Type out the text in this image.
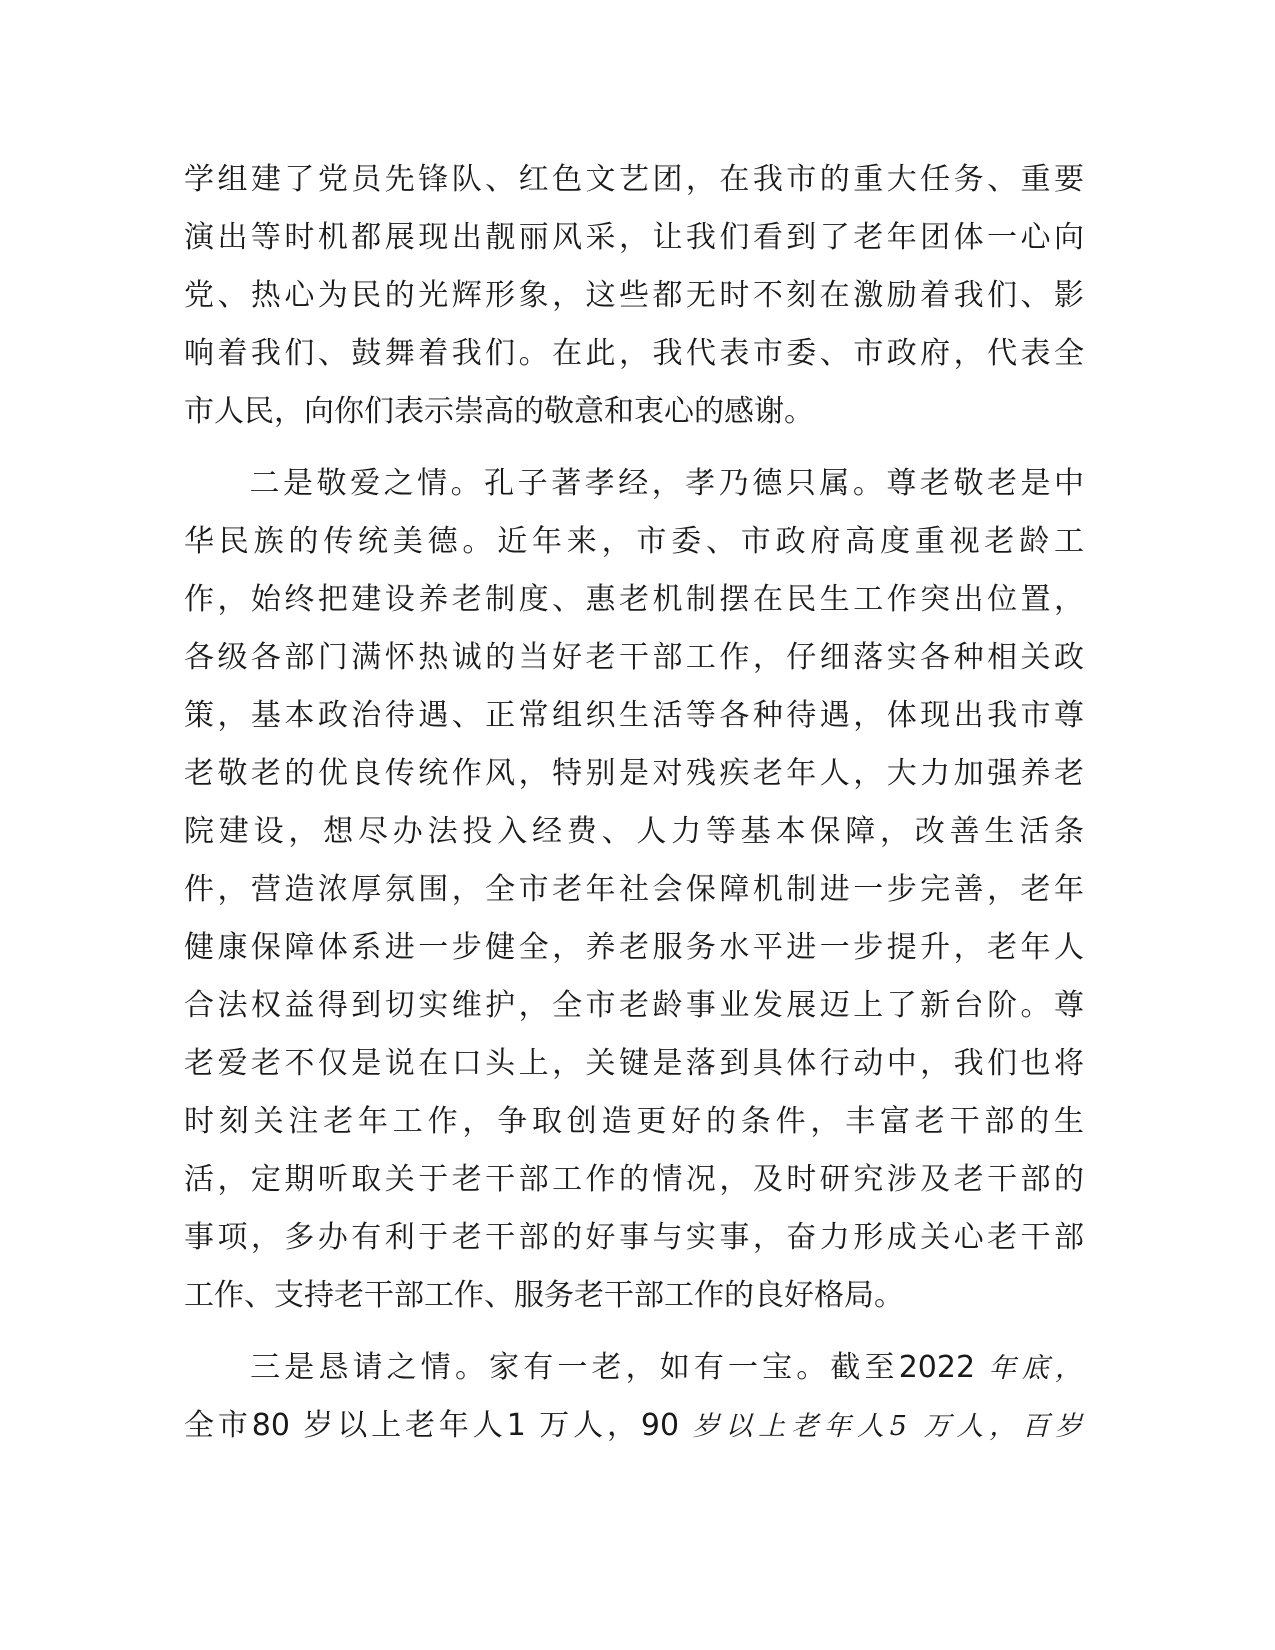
学组建了党员先锋队、红色文艺团，在我市的重大任务、重要
演出等时机都展现出靓丽风采，让我们看到了老年团体一心向
党、热心为民的光辉形象，这些都无时不刻在激励着我们、影
响着我们、鼓舞着我们。在此，我代表市委、市政府，代表全
市人民，向你们表示崇高的敬意和衷心的感谢。

二是敬爱之情。孔子著孝经，孝乃德只属。尊老敬老是中
华民族的传统美德。近年来，市委、市政府高度重视老龄工
作，始终把建设养老制度、惠老机制摆在民生工作突出位置，
各级各部门满怀热诚的当好老干部工作，仔细落实各种相关政
策，基本政治待遇、正常组织生活等各种待遇，体现出我市尊
老敬老的优良传统作风，特别是对残疾老年人，大力加强养老
院建设，想尽办法投入经费、人力等基本保障，改善生活条
件，营造浓厚氛围，全市老年社会保障机制进一步完善，老年
健康保障体系进一步健全，养老服务水平进一步提升，老年人
合法权益得到切实维护，全市老龄事业发展迈上了新台阶。尊
老爱老不仅是说在口头上，关键是落到具体行动中，我们也将
时刻关注老年工作，争取创造更好的条件，丰富老干部的生
活，定期听取关于老干部工作的情况，及时研究涉及老干部的
事项，多办有利于老干部的好事与实事，奋力形成关心老干部
工作、支持老干部工作、服务老干部工作的良好格局。

三是恳请之情。家有一老，如有一宝。截至2022 年底，
全市80 岁以上老年人1 万人，90 岁以上老年人5 万人，百岁
